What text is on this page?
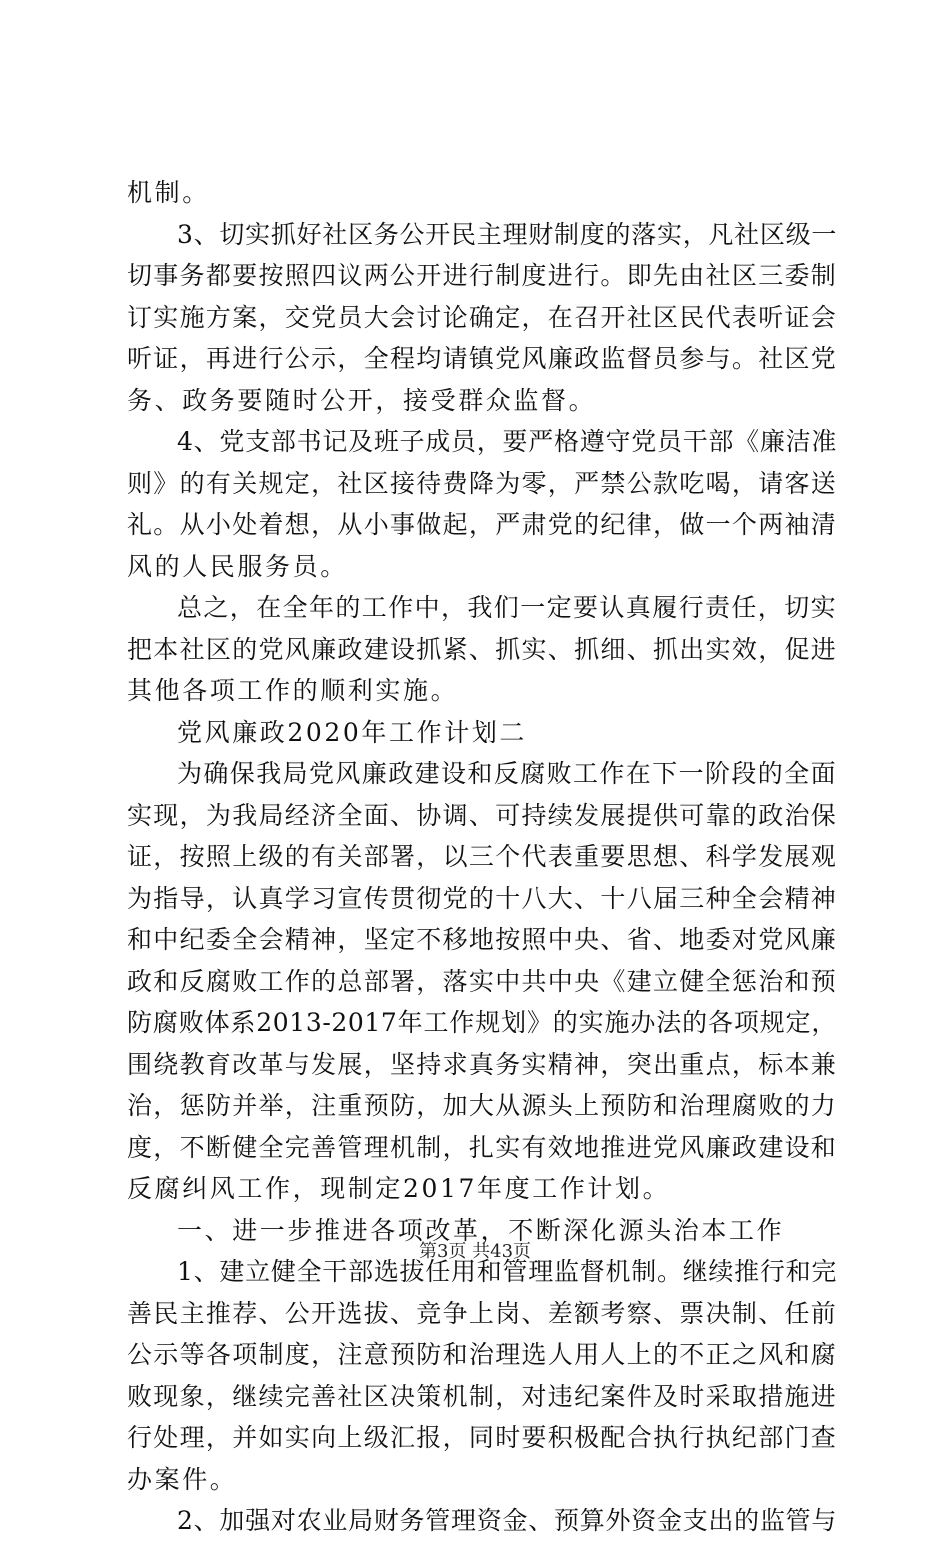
机制。
3、切实抓好社区务公开民主理财制度的落实，凡社区级一
切事务都要按照四议两公开进行制度进行。即先由社区三委制
订实施方案，交党员大会讨论确定，在召开社区民代表听证会
听证，再进行公示，全程均请镇党风廉政监督员参与。社区党
务、政务要随时公开，接受群众监督。
4、党支部书记及班子成员，要严格遵守党员干部《廉洁准
则》的有关规定，社区接待费降为零，严禁公款吃喝，请客送
礼。从小处着想，从小事做起，严肃党的纪律，做一个两袖清
风的人民服务员。
总之，在全年的工作中，我们一定要认真履行责任，切实
把本社区的党风廉政建设抓紧、抓实、抓细、抓出实效，促进
其他各项工作的顺利实施。
党风廉政2020年工作计划二
为确保我局党风廉政建设和反腐败工作在下一阶段的全面
实现，为我局经济全面、协调、可持续发展提供可靠的政治保
证，按照上级的有关部署，以三个代表重要思想、科学发展观
为指导，认真学习宣传贯彻党的十八大、十八届三种全会精神
和中纪委全会精神，坚定不移地按照中央、省、地委对党风廉
政和反腐败工作的总部署，落实中共中央《建立健全惩治和预
防腐败体系2013-2017年工作规划》的实施办法的各项规定，
围绕教育改革与发展，坚持求真务实精神，突出重点，标本兼
治，惩防并举，注重预防，加大从源头上预防和治理腐败的力
度，不断健全完善管理机制，扎实有效地推进党风廉政建设和
反腐纠风工作，现制定2017年度工作计划。
一、进一步推进各项改革，不断深化源头治本工作
1、建立健全干部选拔任用和管理监督机制。继续推行和完
善民主推荐、公开选拔、竞争上岗、差额考察、票决制、任前
公示等各项制度，注意预防和治理选人用人上的不正之风和腐
败现象，继续完善社区决策机制，对违纪案件及时采取措施进
行处理，并如实向上级汇报，同时要积极配合执行执纪部门查
办案件。
2、加强对农业局财务管理资金、预算外资金支出的监管与
第3页 共43页
